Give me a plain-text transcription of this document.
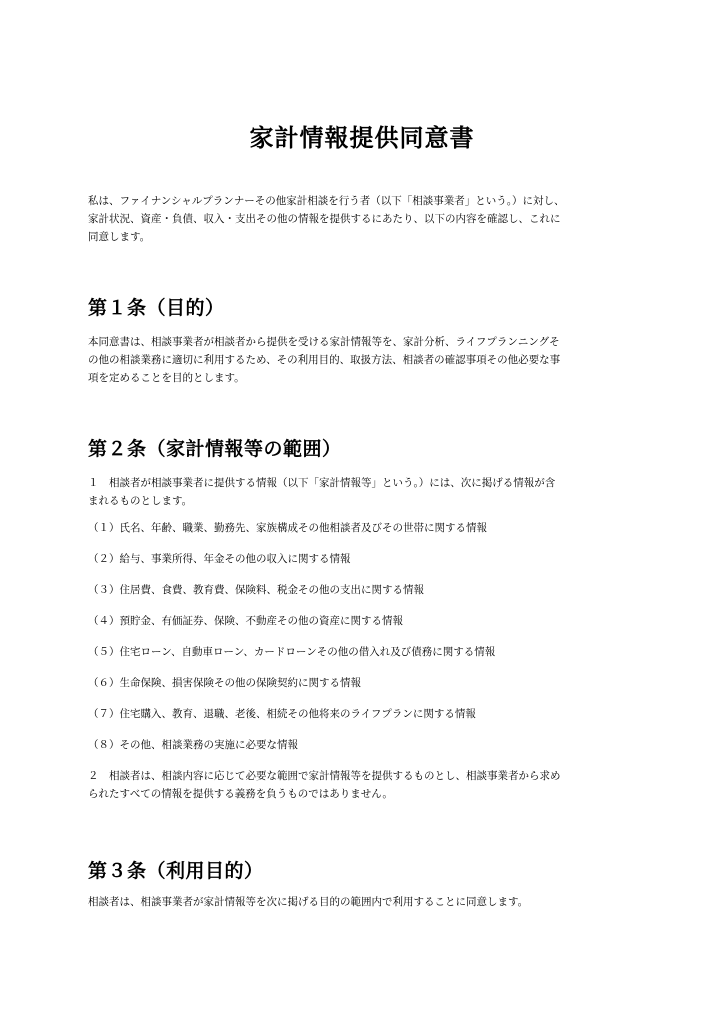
家計情報提供同意書
私は、ファイナンシャルプランナーその他家計相談を行う者（以下「相談事業者」という。）に対し、
家計状況、資産・負債、収入・支出その他の情報を提供するにあたり、以下の内容を確認し、これに
同意します。
第１条（目的）
本同意書は、相談事業者が相談者から提供を受ける家計情報等を、家計分析、ライフプランニングそ
の他の相談業務に適切に利用するため、その利用目的、取扱方法、相談者の確認事項その他必要な事
項を定めることを目的とします。
第２条（家計情報等の範囲）
１　相談者が相談事業者に提供する情報（以下「家計情報等」という。）には、次に掲げる情報が含
まれるものとします。
（１）氏名、年齢、職業、勤務先、家族構成その他相談者及びその世帯に関する情報
（２）給与、事業所得、年金その他の収入に関する情報
（３）住居費、食費、教育費、保険料、税金その他の支出に関する情報
（４）預貯金、有価証券、保険、不動産その他の資産に関する情報
（５）住宅ローン、自動車ローン、カードローンその他の借入れ及び債務に関する情報
（６）生命保険、損害保険その他の保険契約に関する情報
（７）住宅購入、教育、退職、老後、相続その他将来のライフプランに関する情報
（８）その他、相談業務の実施に必要な情報
２　相談者は、相談内容に応じて必要な範囲で家計情報等を提供するものとし、相談事業者から求め
られたすべての情報を提供する義務を負うものではありません。
第３条（利用目的）
相談者は、相談事業者が家計情報等を次に掲げる目的の範囲内で利用することに同意します。
